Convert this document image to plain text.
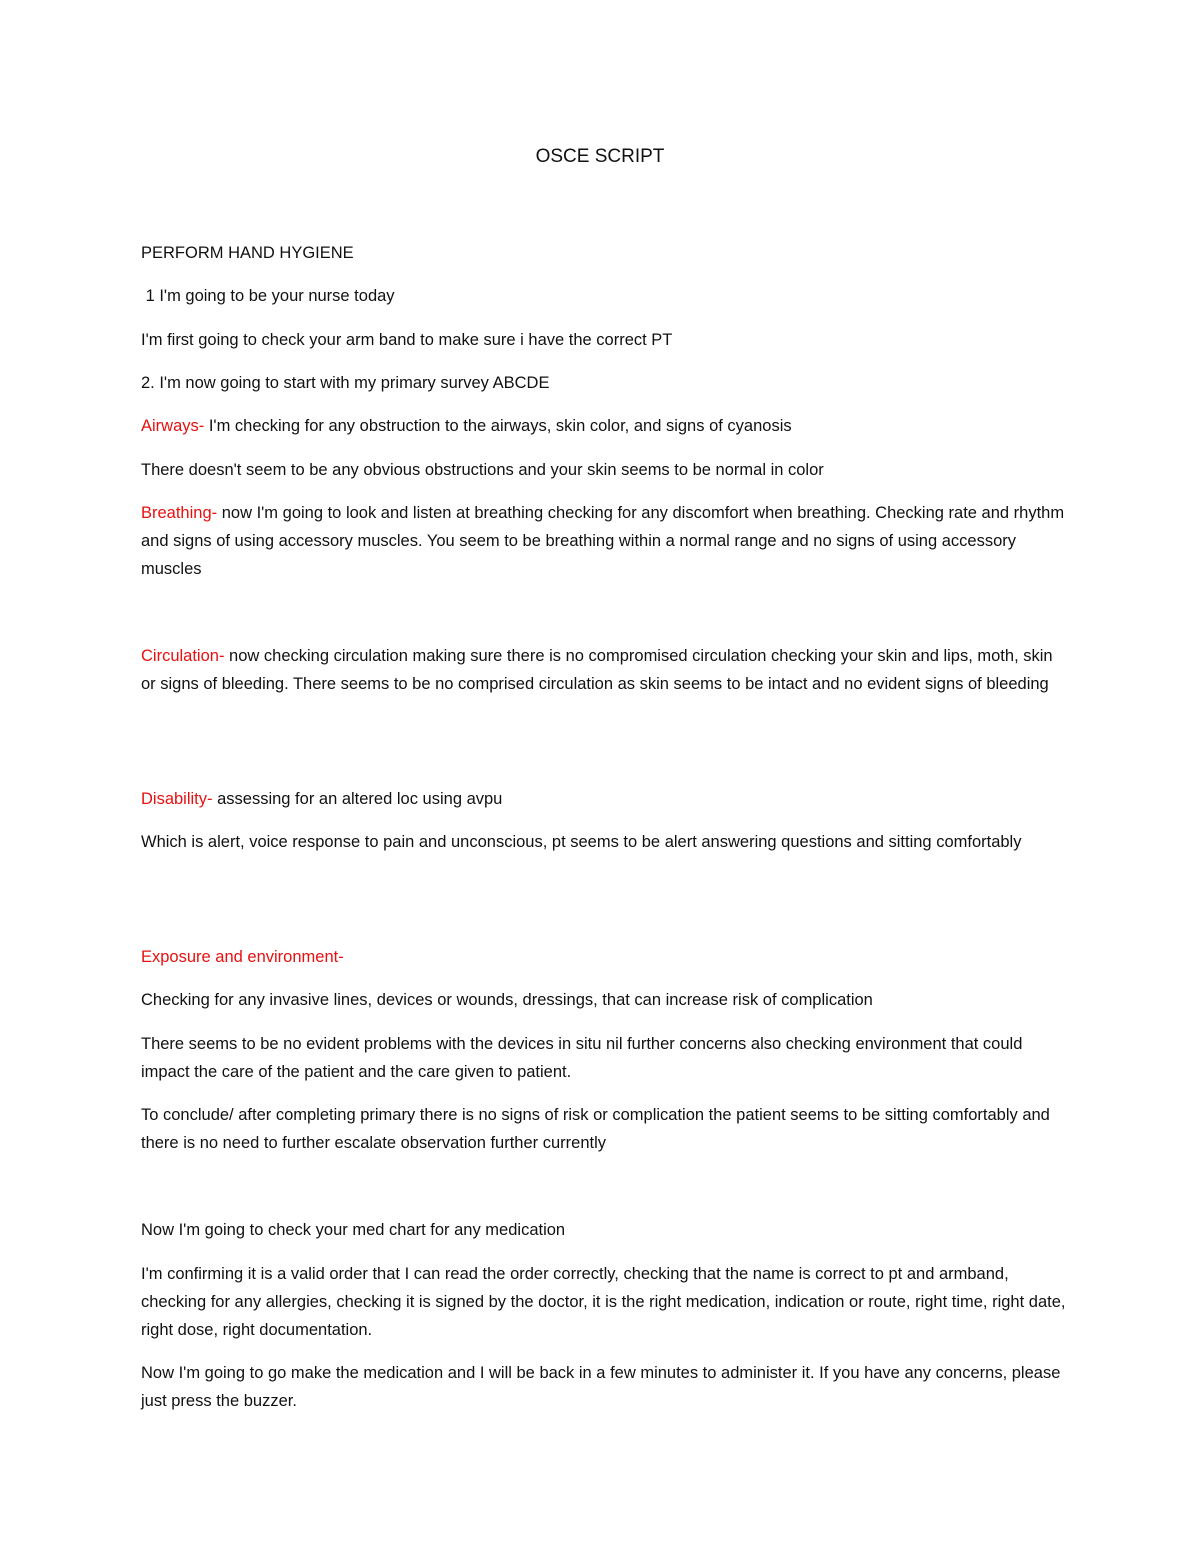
OSCE SCRIPT

PERFORM HAND HYGIENE

1 I'm going to be your nurse today

I'm first going to check your arm band to make sure i have the correct PT

2. I'm now going to start with my primary survey ABCDE

Airways- I'm checking for any obstruction to the airways, skin color, and signs of cyanosis

There doesn't seem to be any obvious obstructions and your skin seems to be normal in color

Breathing- now I'm going to look and listen at breathing checking for any discomfort when breathing. Checking rate and rhythm and signs of using accessory muscles. You seem to be breathing within a normal range and no signs of using accessory muscles

Circulation- now checking circulation making sure there is no compromised circulation checking your skin and lips, moth, skin or signs of bleeding. There seems to be no comprised circulation as skin seems to be intact and no evident signs of bleeding

Disability- assessing for an altered loc using avpu

Which is alert, voice response to pain and unconscious, pt seems to be alert answering questions and sitting comfortably

Exposure and environment-

Checking for any invasive lines, devices or wounds, dressings, that can increase risk of complication

There seems to be no evident problems with the devices in situ nil further concerns also checking environment that could impact the care of the patient and the care given to patient.

To conclude/ after completing primary there is no signs of risk or complication the patient seems to be sitting comfortably and there is no need to further escalate observation further currently

Now I'm going to check your med chart for any medication

I'm confirming it is a valid order that I can read the order correctly, checking that the name is correct to pt and armband, checking for any allergies, checking it is signed by the doctor, it is the right medication, indication or route, right time, right date, right dose, right documentation.

Now I'm going to go make the medication and I will be back in a few minutes to administer it. If you have any concerns, please just press the buzzer.
